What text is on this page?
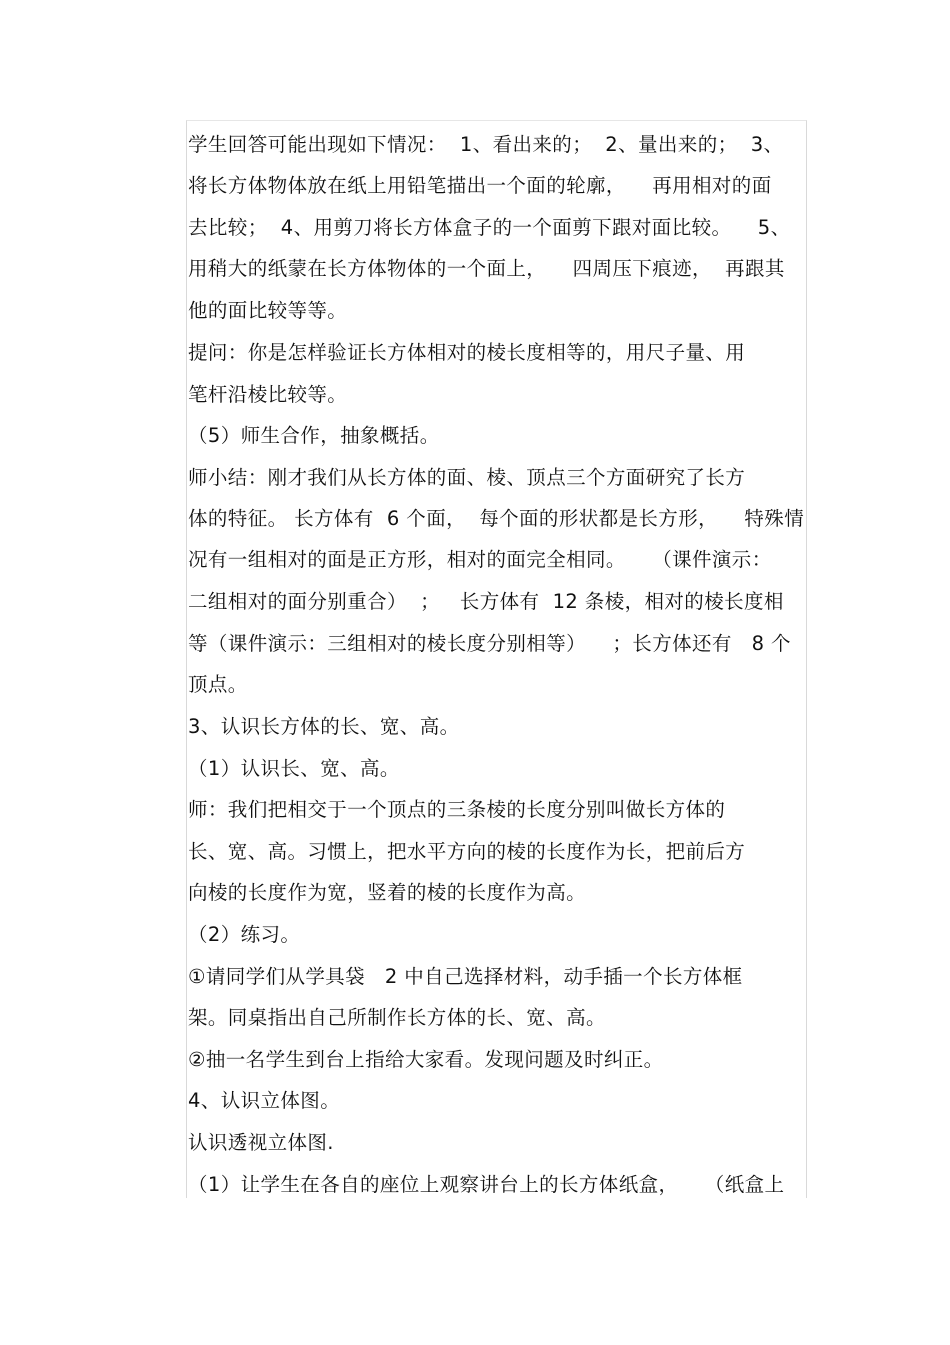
学生回答可能出现如下情况：  1、看出来的；  2、量出来的；  3、
将长方体物体放在纸上用铅笔描出一个面的轮廓，    再用相对的面
去比较；  4、用剪刀将长方体盒子的一个面剪下跟对面比较。    5、
用稍大的纸蒙在长方体物体的一个面上，    四周压下痕迹，  再跟其
他的面比较等等。
提问：你是怎样验证长方体相对的棱长度相等的，用尺子量、用
笔杆沿棱比较等。
（5）师生合作，抽象概括。
师小结：刚才我们从长方体的面、棱、顶点三个方面研究了长方
体的特征。 长方体有  6 个面，  每个面的形状都是长方形，    特殊情
况有一组相对的面是正方形，相对的面完全相同。    （课件演示：
二组相对的面分别重合）  ；   长方体有  12 条棱，相对的棱长度相
等（课件演示：三组相对的棱长度分别相等）    ；长方体还有   8 个
顶点。
3、认识长方体的长、宽、高。
（1）认识长、宽、高。
师：我们把相交于一个顶点的三条棱的长度分别叫做长方体的
长、宽、高。习惯上，把水平方向的棱的长度作为长，把前后方
向棱的长度作为宽，竖着的棱的长度作为高。
（2）练习。
①请同学们从学具袋   2 中自己选择材料，动手插一个长方体框
架。同桌指出自己所制作长方体的长、宽、高。
②抽一名学生到台上指给大家看。发现问题及时纠正。
4、认识立体图。
认识透视立体图.
（1）让学生在各自的座位上观察讲台上的长方体纸盒，    （纸盒上
